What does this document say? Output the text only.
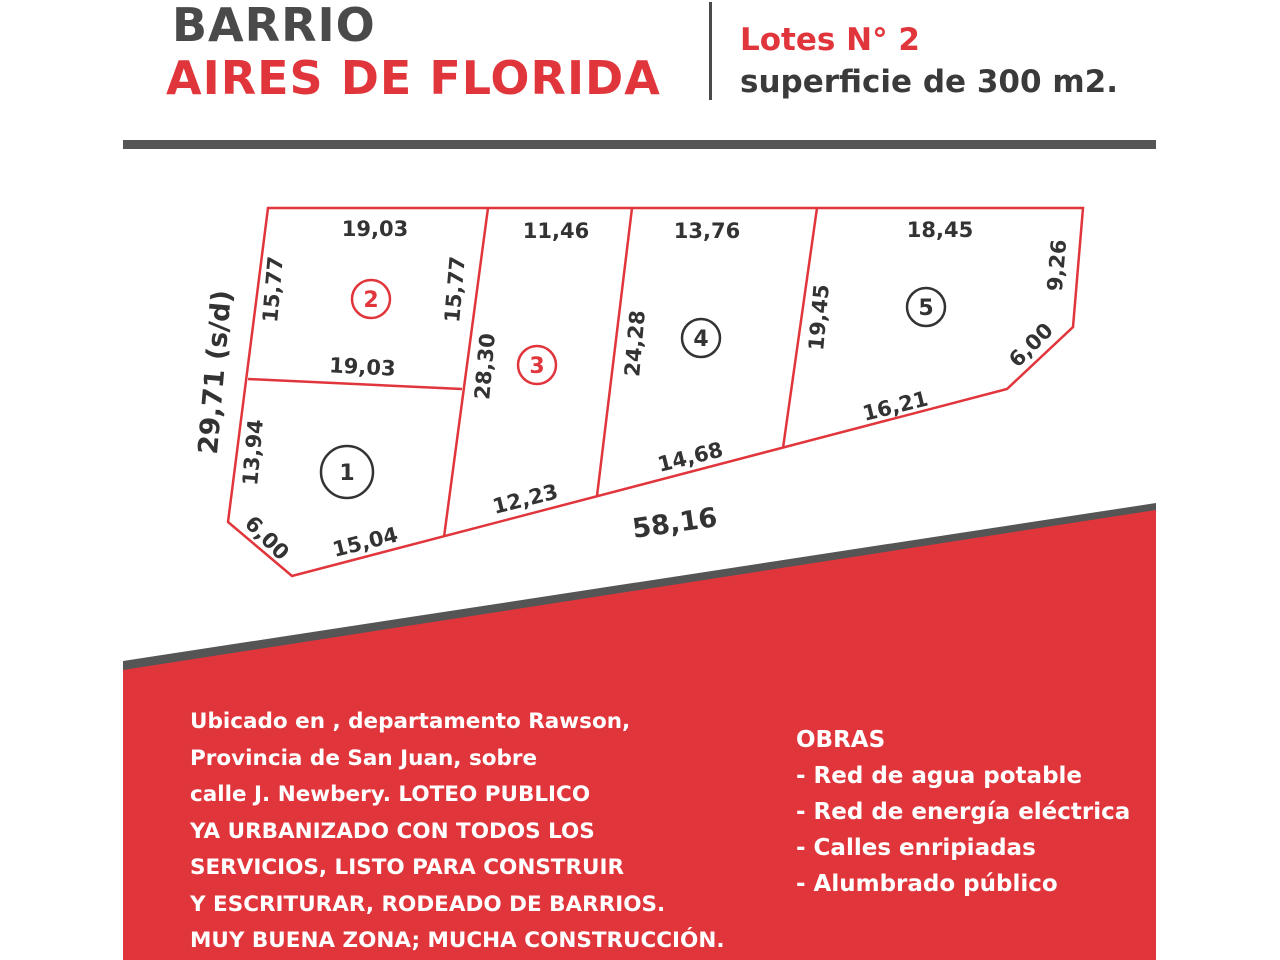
BARRIO
AIRES DE FLORIDA
Lotes N° 2
superficie de 300 m2.
2
3
4
5
1
19,03
15,77	15,77
19,03
11,46
28,30
12,23
13,76
24,28
14,68
18,45
19,45
9,26
6,00
16,21
13,94
6,00 15,04
29,71 (s/d)
58,16
Ubicado en , departamento Rawson,
Provincia de San Juan, sobre
calle J. Newbery. LOTEO PUBLICO
YA URBANIZADO CON TODOS LOS
SERVICIOS, LISTO PARA CONSTRUIR
Y ESCRITURAR, RODEADO DE BARRIOS.
MUY BUENA ZONA; MUCHA CONSTRUCCIÓN.
OBRAS
- Red de agua potable
- Red de energía eléctrica
- Calles enripiadas
- Alumbrado público
